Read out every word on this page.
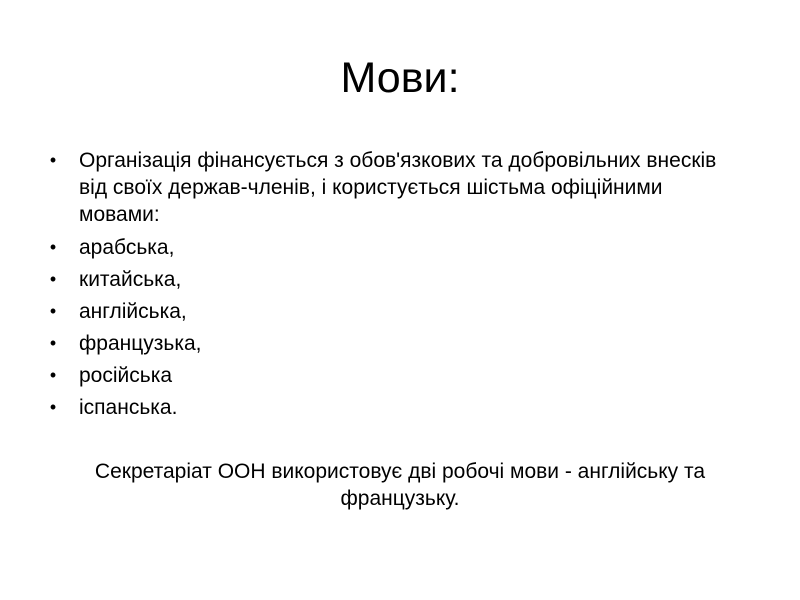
Мови:
• Організація фінансується з обов'язкових та добровільних внесків від своїх держав-членів, і користується шістьма офіційними мовами:
• арабська,
• китайська,
• англійська,
• французька,
• російська
• іспанська.

Секретаріат ООН використовує дві робочі мови - англійську та французьку.
